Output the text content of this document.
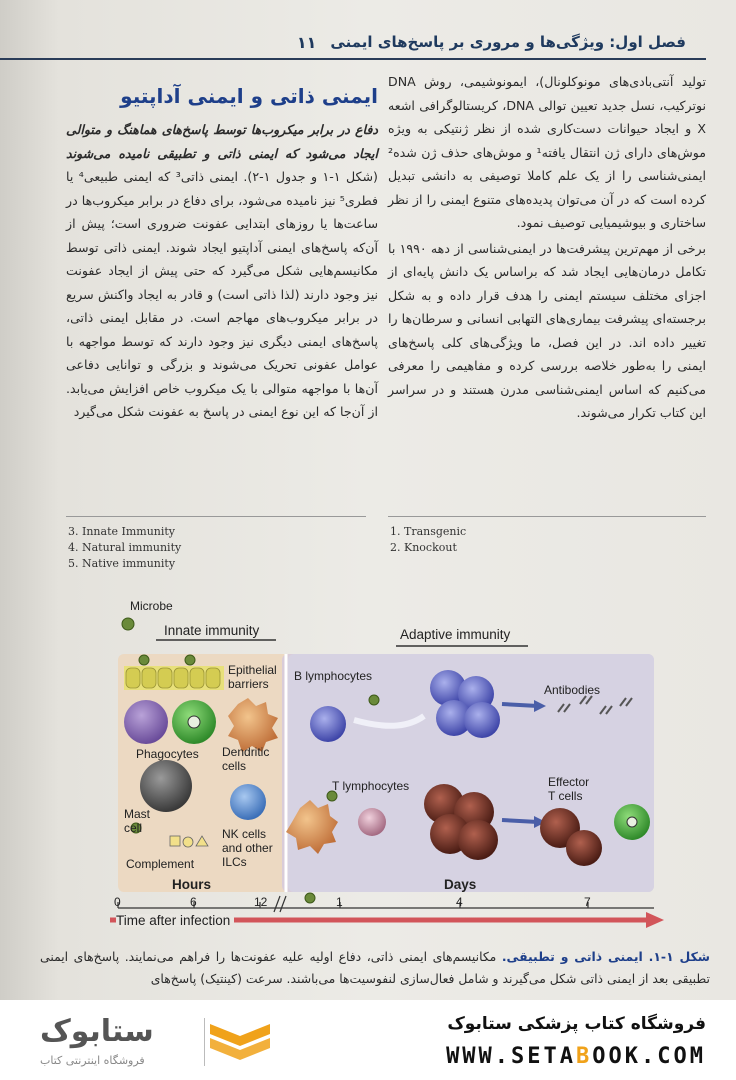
فصل اول: ویژگی‌ها و مروری بر پاسخ‌های ایمنی
۱۱

تولید آنتی‌بادی‌های مونوکلونال)، ایمونوشیمی، روش DNA نوترکیب، نسل جدید تعیین توالی DNA، کریستالوگرافی اشعه X و ایجاد حیوانات دست‌کاری شده از نظر ژنتیکی به ویژه موش‌های دارای ژن انتقال یافته¹ و موش‌های حذف ژن شده² ایمنی‌شناسی را از یک علم کاملا توصیفی به دانشی تبدیل کرده است که در آن می‌توان پدیده‌های متنوع ایمنی را از نظر ساختاری و بیوشیمیایی توصیف نمود.

برخی از مهم‌ترین پیشرفت‌ها در ایمنی‌شناسی از دهه ۱۹۹۰ با تکامل درمان‌هایی ایجاد شد که براساس یک دانش پایه‌ای از اجزای مختلف سیستم ایمنی را هدف قرار داده و به شکل برجسته‌ای پیشرفت بیماری‌های التهابی انسانی و سرطان‌ها را تغییر داده اند. در این فصل، ما ویژگی‌های کلی پاسخ‌های ایمنی را به‌طور خلاصه بررسی کرده و مفاهیمی را معرفی می‌کنیم که اساس ایمنی‌شناسی مدرن هستند و در سراسر این کتاب تکرار می‌شوند.

ایمنی ذاتی و ایمنی آداپتیو

دفاع در برابر میکروب‌ها توسط پاسخ‌های هماهنگ و متوالی ایجاد می‌شود که ایمنی ذاتی و تطبیقی نامیده می‌شوند (شکل ۱-۱ و جدول ۱-۲). ایمنی ذاتی³ که ایمنی طبیعی⁴ یا فطری⁵ نیز نامیده می‌شود، برای دفاع در برابر میکروب‌ها در ساعت‌ها یا روزهای ابتدایی عفونت ضروری است؛ پیش از آن‌که پاسخ‌های ایمنی آداپتیو ایجاد شوند. ایمنی ذاتی توسط مکانیسم‌هایی شکل می‌گیرد که حتی پیش از ایجاد عفونت نیز وجود دارند (لذا ذاتی است) و قادر به ایجاد واکنش سریع در برابر میکروب‌های مهاجم است. در مقابل ایمنی ذاتی، پاسخ‌های ایمنی دیگری نیز وجود دارند که توسط مواجهه با عوامل عفونی تحریک می‌شوند و بزرگی و توانایی دفاعی آن‌ها با مواجهه متوالی با یک میکروب خاص افزایش می‌یابد. از آن‌جا که این نوع ایمنی در پاسخ به عفونت شکل می‌گیرد

3. Innate Immunity
4. Natural immunity
5. Native immunity
1. Transgenic
2. Knockout
Microbe
Innate immunity	Adaptive immunity
Epithelial
barriers
Phagocytes Dendritic
cells
Mast
cell
Complement
NK cells
and other
ILCs
B lymphocytes
Antibodies
T lymphocytes	Effector
T cells
Hours	Days
0	6	12	1	4	7
Time after infection
شکل ۱-۱. ایمنی ذاتی و تطبیقی. مکانیسم‌های ایمنی ذاتی، دفاع اولیه علیه عفونت‌ها را فراهم می‌نمایند. پاسخ‌های ایمنی تطبیقی بعد از ایمنی ذاتی شکل می‌گیرند و شامل فعال‌سازی لنفوسیت‌ها می‌باشند. سرعت (کینتیک) پاسخ‌های
ستابوک
فروشگاه اینترنتی کتاب
فروشگاه کتاب پزشکی ستابوک
WWW.SETABOOK.COM
